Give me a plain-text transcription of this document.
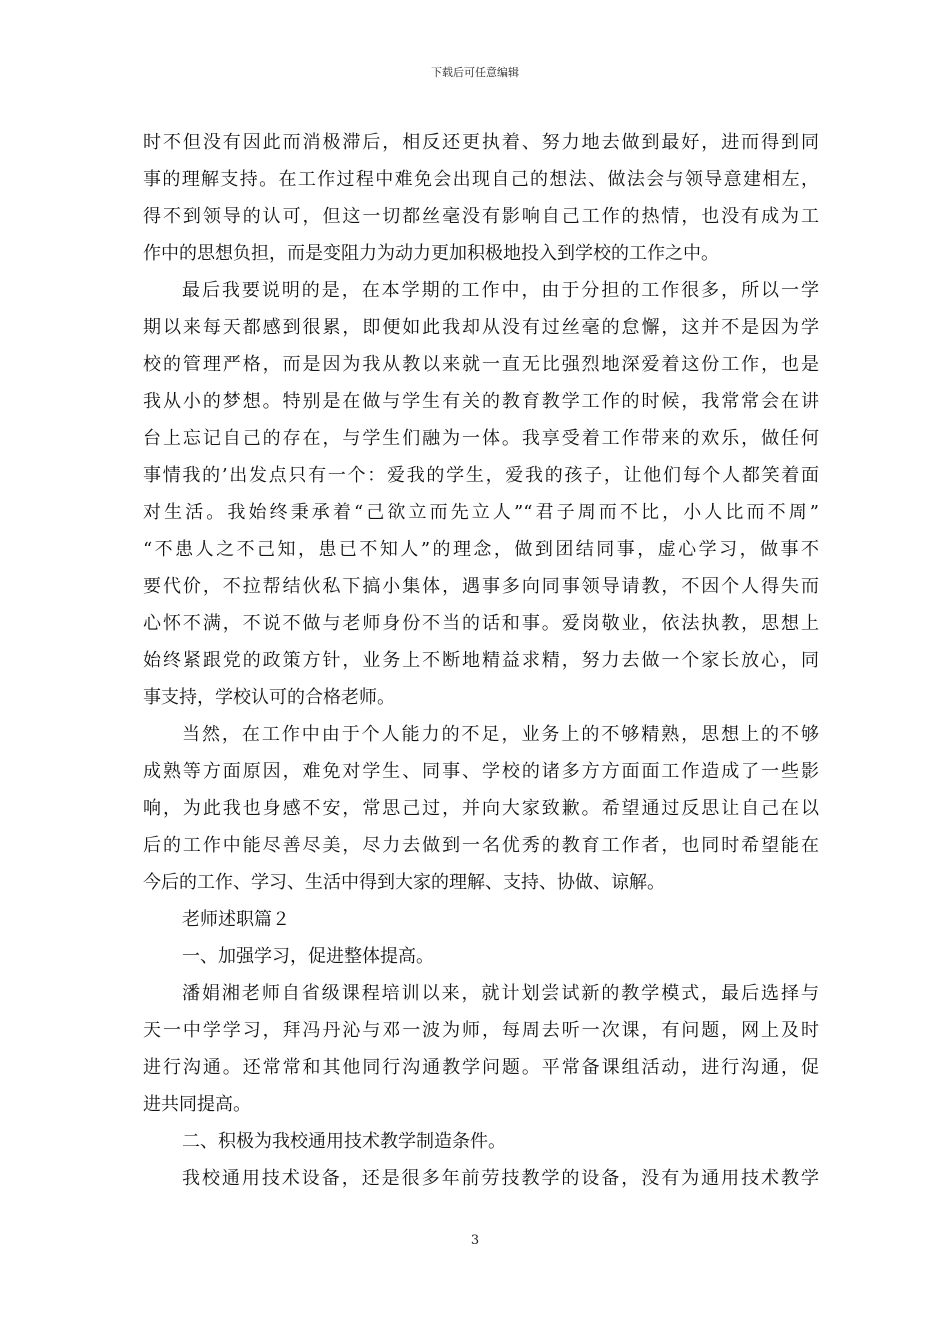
下载后可任意编辑
时不但没有因此而消极滞后，相反还更执着、努力地去做到最好，进而得到同
事的理解支持。在工作过程中难免会出现自己的想法、做法会与领导意建相左，
得不到领导的认可，但这一切都丝毫没有影响自己工作的热情，也没有成为工
作中的思想负担，而是变阻力为动力更加积极地投入到学校的工作之中。
最后我要说明的是，在本学期的工作中，由于分担的工作很多，所以一学
期以来每天都感到很累，即便如此我却从没有过丝毫的怠懈，这并不是因为学
校的管理严格，而是因为我从教以来就一直无比强烈地深爱着这份工作，也是
我从小的梦想。特别是在做与学生有关的教育教学工作的时候，我常常会在讲
台上忘记自己的存在，与学生们融为一体。我享受着工作带来的欢乐，做任何
事情我的’出发点只有一个：爱我的学生，爱我的孩子，让他们每个人都笑着面
对生活。我始终秉承着“己欲立而先立人”“君子周而不比，小人比而不周”
“不患人之不己知，患已不知人”的理念，做到团结同事，虚心学习，做事不
要代价，不拉帮结伙私下搞小集体，遇事多向同事领导请教，不因个人得失而
心怀不满，不说不做与老师身份不当的话和事。爱岗敬业，依法执教，思想上
始终紧跟党的政策方针，业务上不断地精益求精，努力去做一个家长放心，同
事支持，学校认可的合格老师。
当然，在工作中由于个人能力的不足，业务上的不够精熟，思想上的不够
成熟等方面原因，难免对学生、同事、学校的诸多方方面面工作造成了一些影
响，为此我也身感不安，常思己过，并向大家致歉。希望通过反思让自己在以
后的工作中能尽善尽美，尽力去做到一名优秀的教育工作者，也同时希望能在
今后的工作、学习、生活中得到大家的理解、支持、协做、谅解。
老师述职篇２
一、加强学习，促进整体提高。
潘娟湘老师自省级课程培训以来，就计划尝试新的教学模式，最后选择与
天一中学学习，拜冯丹沁与邓一波为师，每周去听一次课，有问题，网上及时
进行沟通。还常常和其他同行沟通教学问题。平常备课组活动，进行沟通，促
进共同提高。
二、积极为我校通用技术教学制造条件。
我校通用技术设备，还是很多年前劳技教学的设备，没有为通用技术教学
3
